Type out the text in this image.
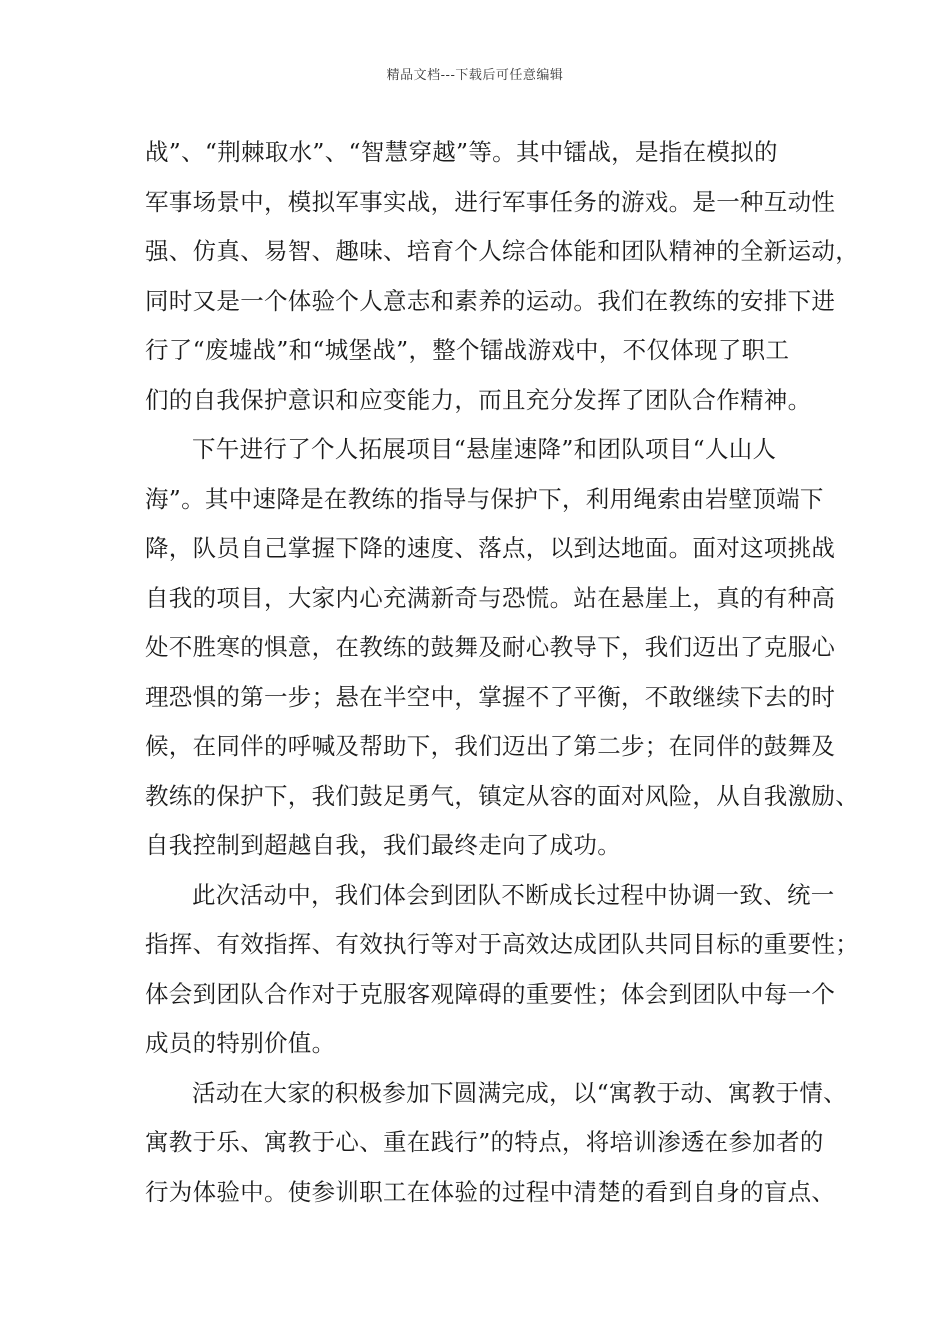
精品文档---下载后可任意编辑
战”、“荆棘取水”、“智慧穿越”等。其中镭战，是指在模拟的
军事场景中，模拟军事实战，进行军事任务的游戏。是一种互动性
强、仿真、易智、趣味、培育个人综合体能和团队精神的全新运动，
同时又是一个体验个人意志和素养的运动。我们在教练的安排下进
行了“废墟战”和“城堡战”，整个镭战游戏中，不仅体现了职工
们的自我保护意识和应变能力，而且充分发挥了团队合作精神。
下午进行了个人拓展项目“悬崖速降”和团队项目“人山人
海”。其中速降是在教练的指导与保护下，利用绳索由岩壁顶端下
降，队员自己掌握下降的速度、落点，以到达地面。面对这项挑战
自我的项目，大家内心充满新奇与恐慌。站在悬崖上，真的有种高
处不胜寒的惧意，在教练的鼓舞及耐心教导下，我们迈出了克服心
理恐惧的第一步；悬在半空中，掌握不了平衡，不敢继续下去的时
候，在同伴的呼喊及帮助下，我们迈出了第二步；在同伴的鼓舞及
教练的保护下，我们鼓足勇气，镇定从容的面对风险，从自我激励、
自我控制到超越自我，我们最终走向了成功。
此次活动中，我们体会到团队不断成长过程中协调一致、统一
指挥、有效指挥、有效执行等对于高效达成团队共同目标的重要性；
体会到团队合作对于克服客观障碍的重要性；体会到团队中每一个
成员的特别价值。
活动在大家的积极参加下圆满完成，以“寓教于动、寓教于情、
寓教于乐、寓教于心、重在践行”的特点，将培训渗透在参加者的
行为体验中。使参训职工在体验的过程中清楚的看到自身的盲点、
